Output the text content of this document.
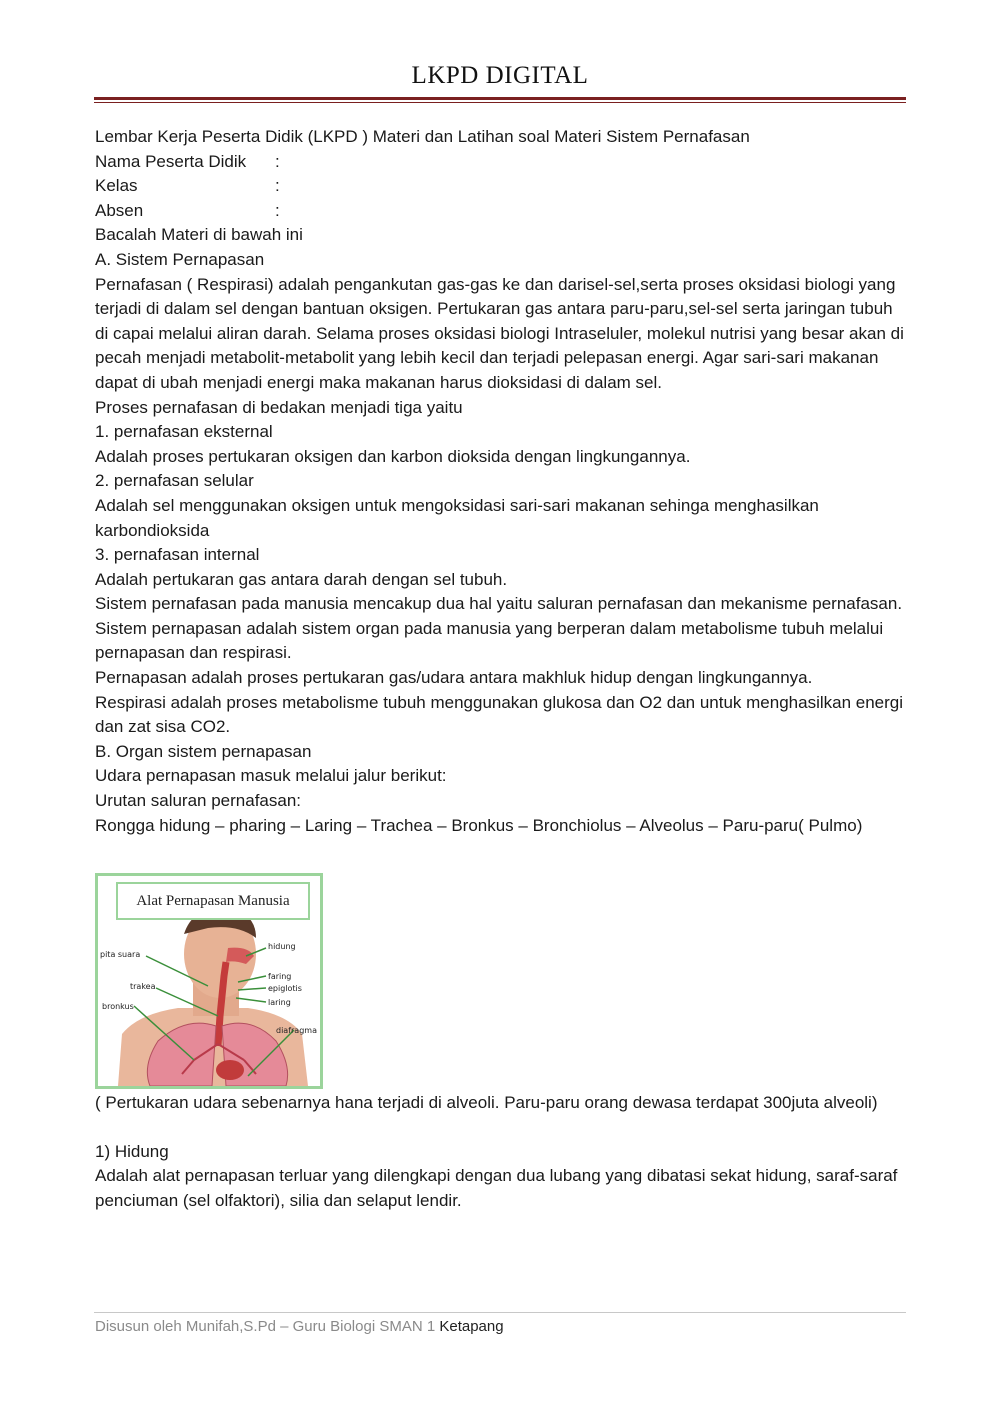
LKPD DIGITAL

Lembar Kerja Peserta Didik (LKPD ) Materi dan Latihan soal Materi Sistem Pernafasan

Nama Peserta Didik	:
Kelas	:
Absen	:

Bacalah Materi di bawah ini

A. Sistem Pernapasan

Pernafasan ( Respirasi) adalah pengankutan gas-gas ke dan darisel-sel,serta proses oksidasi biologi yang terjadi di dalam sel dengan bantuan oksigen. Pertukaran gas antara paru-paru,sel-sel serta jaringan tubuh di capai melalui aliran darah. Selama proses oksidasi biologi Intraseluler, molekul nutrisi yang besar akan di pecah menjadi metabolit-metabolit yang lebih kecil dan terjadi pelepasan energi. Agar sari-sari makanan dapat di ubah menjadi energi maka makanan harus dioksidasi di dalam sel.

Proses pernafasan di bedakan menjadi tiga yaitu

1. pernafasan eksternal

Adalah proses pertukaran oksigen dan karbon dioksida dengan lingkungannya.

2. pernafasan selular

Adalah sel menggunakan oksigen untuk mengoksidasi sari-sari makanan sehinga menghasilkan karbondioksida

3. pernafasan internal

Adalah pertukaran gas antara darah dengan sel tubuh.

Sistem pernafasan pada manusia mencakup dua hal yaitu saluran pernafasan dan mekanisme pernafasan.

Sistem pernapasan adalah sistem organ pada manusia yang berperan dalam metabolisme tubuh melalui pernapasan dan respirasi.

Pernapasan adalah proses pertukaran gas/udara antara makhluk hidup dengan lingkungannya.

Respirasi adalah proses metabolisme tubuh menggunakan glukosa dan O2 dan untuk menghasilkan energi dan zat sisa CO2.

B. Organ sistem pernapasan

Udara pernapasan masuk melalui jalur berikut:

Urutan saluran pernafasan:

Rongga hidung – pharing – Laring – Trachea – Bronkus – Bronchiolus – Alveolus – Paru-paru( Pulmo)

Alat Pernapasan Manusia
hidung
pita suara
faring
epiglotis
trakea
laring
bronkus
diafragma

( Pertukaran udara sebenarnya hana terjadi di alveoli. Paru-paru orang dewasa terdapat 300juta alveoli)

1) Hidung

Adalah alat pernapasan terluar yang dilengkapi dengan dua lubang yang dibatasi sekat hidung, saraf-saraf penciuman (sel olfaktori), silia dan selaput lendir.

Disusun oleh Munifah,S.Pd – Guru Biologi SMAN 1 Ketapang
